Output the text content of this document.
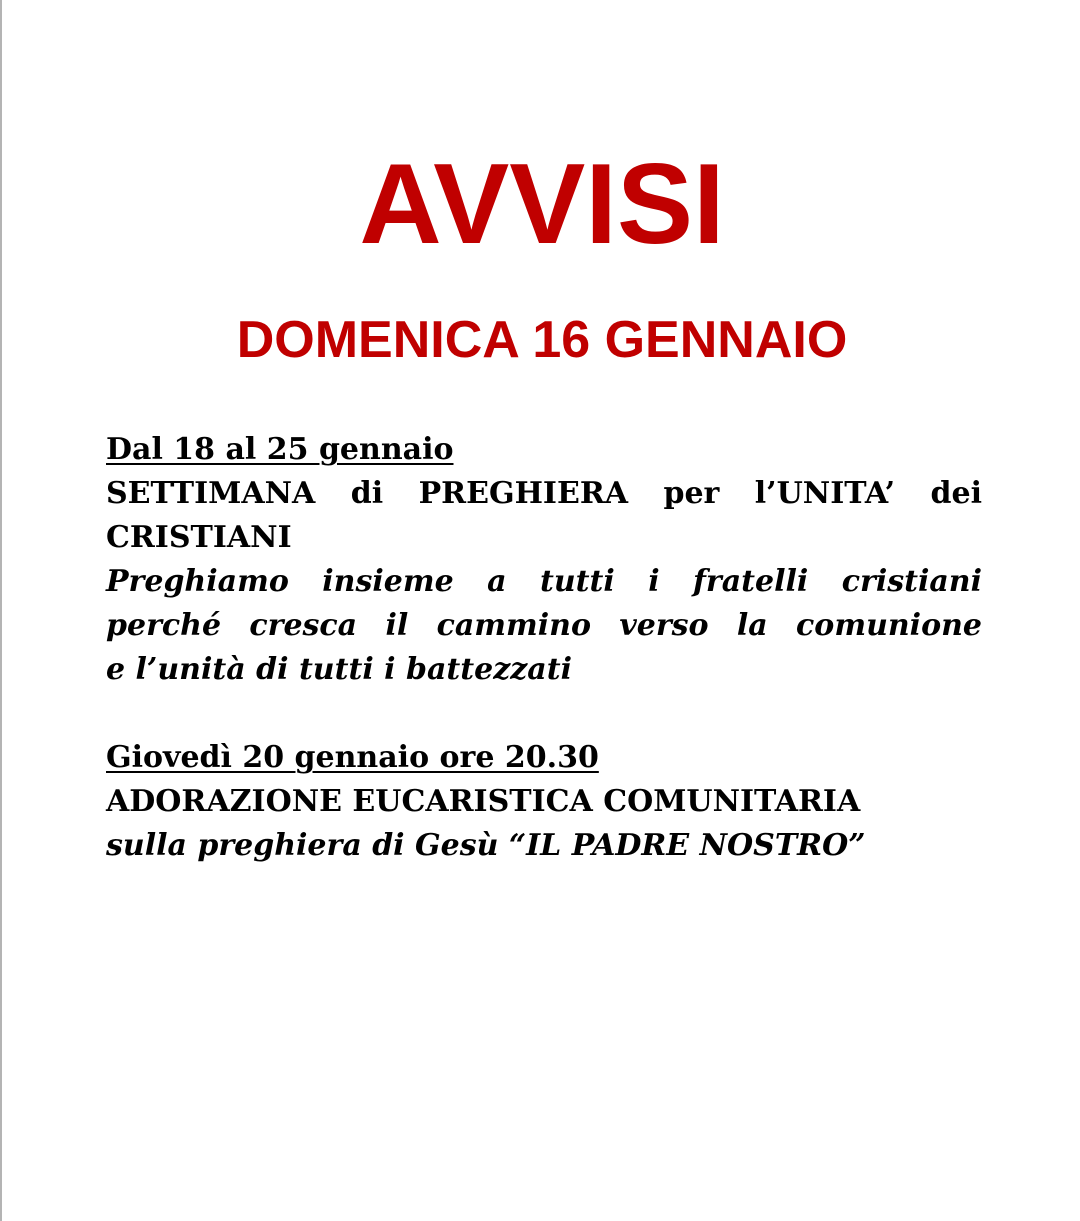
AVVISI
DOMENICA 16 GENNAIO
Dal 18 al 25 gennaio
SETTIMANA di PREGHIERA per l’UNITA’ dei
CRISTIANI
Preghiamo insieme a tutti i fratelli cristiani
perché cresca il cammino verso la comunione
e l’unità di tutti i battezzati
Giovedì 20 gennaio ore 20.30
ADORAZIONE EUCARISTICA COMUNITARIA
sulla preghiera di Gesù “IL PADRE NOSTRO”
